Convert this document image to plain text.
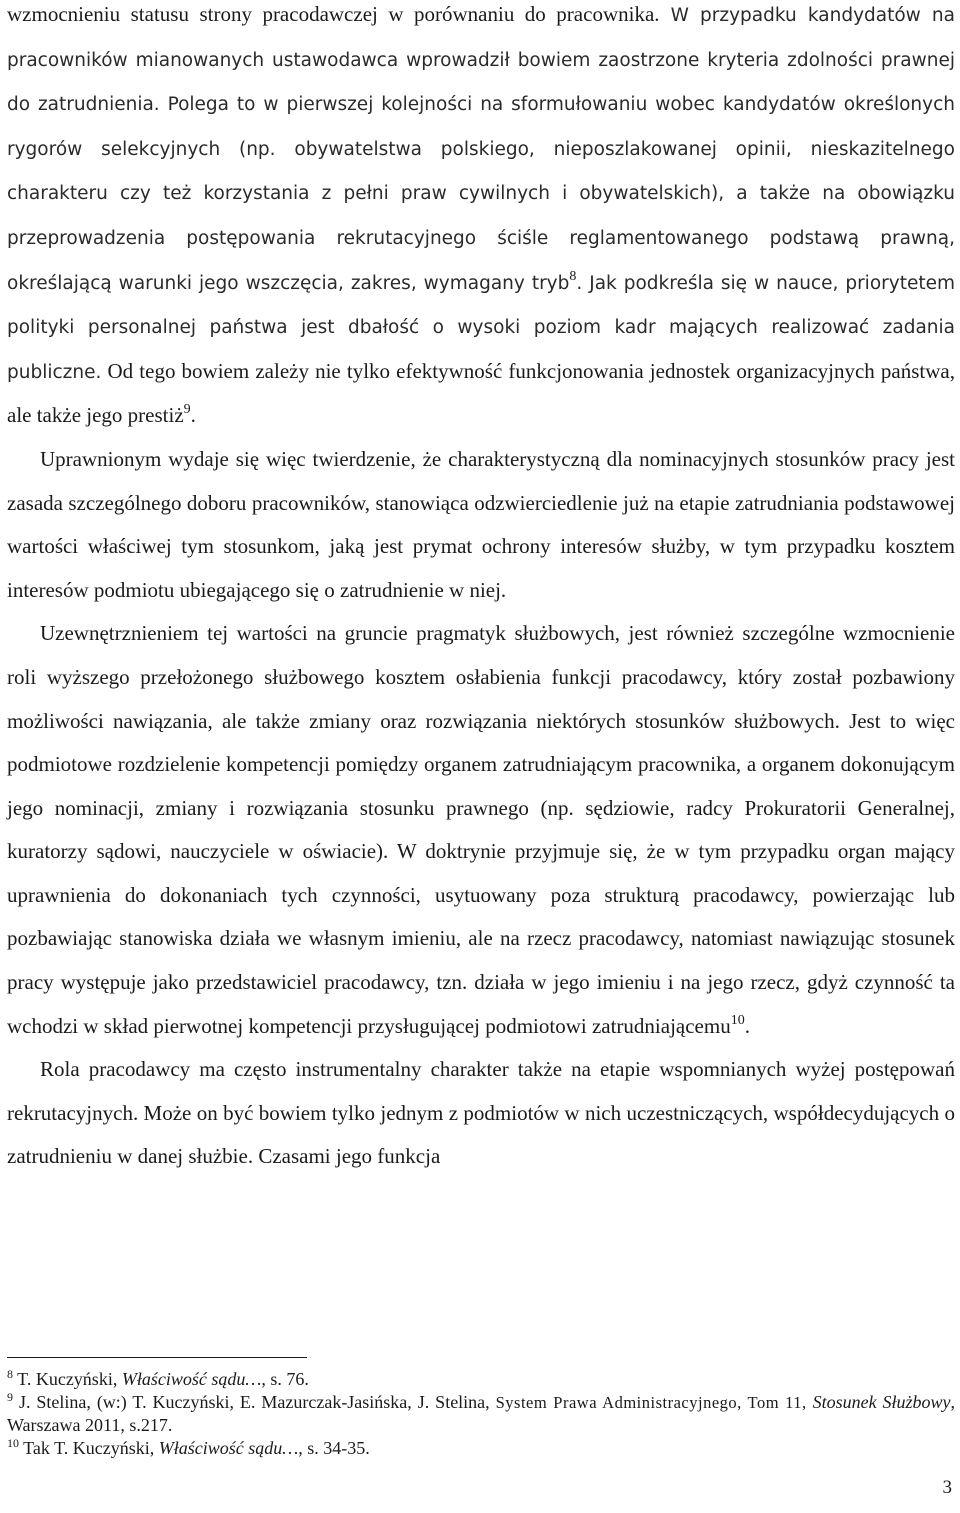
wzmocnieniu statusu strony pracodawczej w porównaniu do pracownika. W przypadku kandydatów na pracowników mianowanych ustawodawca wprowadził bowiem zaostrzone kryteria zdolności prawnej do zatrudnienia. Polega to w pierwszej kolejności na sformułowaniu wobec kandydatów określonych rygorów selekcyjnych (np. obywatelstwa polskiego, nieposzlakowanej opinii, nieskazitelnego charakteru czy też korzystania z pełni praw cywilnych i obywatelskich), a także na obowiązku przeprowadzenia postępowania rekrutacyjnego ściśle reglamentowanego podstawą prawną, określającą warunki jego wszczęcia, zakres, wymagany tryb$^8$. Jak podkreśla się w nauce, priorytetem polityki personalnej państwa jest dbałość o wysoki poziom kadr mających realizować zadania publiczne. Od tego bowiem zależy nie tylko efektywność funkcjonowania jednostek organizacyjnych państwa, ale także jego prestiż$^9$.

Uprawnionym wydaje się więc twierdzenie, że charakterystyczną dla nominacyjnych stosunków pracy jest zasada szczególnego doboru pracowników, stanowiąca odzwierciedlenie już na etapie zatrudniania podstawowej wartości właściwej tym stosunkom, jaką jest prymat ochrony interesów służby, w tym przypadku kosztem interesów podmiotu ubiegającego się o zatrudnienie w niej.

Uzewnętrznieniem tej wartości na gruncie pragmatyk służbowych, jest również szczególne wzmocnienie roli wyższego przełożonego służbowego kosztem osłabienia funkcji pracodawcy, który został pozbawiony możliwości nawiązania, ale także zmiany oraz rozwiązania niektórych stosunków służbowych. Jest to więc podmiotowe rozdzielenie kompetencji pomiędzy organem zatrudniającym pracownika, a organem dokonującym jego nominacji, zmiany i rozwiązania stosunku prawnego (np. sędziowie, radcy Prokuratorii Generalnej, kuratorzy sądowi, nauczyciele w oświacie). W doktrynie przyjmuje się, że w tym przypadku organ mający uprawnienia do dokonaniach tych czynności, usytuowany poza strukturą pracodawcy, powierzając lub pozbawiając stanowiska działa we własnym imieniu, ale na rzecz pracodawcy, natomiast nawiązując stosunek pracy występuje jako przedstawiciel pracodawcy, tzn. działa w jego imieniu i na jego rzecz, gdyż czynność ta wchodzi w skład pierwotnej kompetencji przysługującej podmiotowi zatrudniającemu$^{10}$.

Rola pracodawcy ma często instrumentalny charakter także na etapie wspomnianych wyżej postępowań rekrutacyjnych. Może on być bowiem tylko jednym z podmiotów w nich uczestniczących, współdecydujących o zatrudnieniu w danej służbie. Czasami jego funkcja

$^8$ T. Kuczyński, Właściwość sądu…, s. 76.

$^9$ J. Stelina, (w:) T. Kuczyński, E. Mazurczak-Jasińska, J. Stelina, System Prawa Administracyjnego, Tom 11, Stosunek Służbowy, Warszawa 2011, s.217.

$^{10}$ Tak T. Kuczyński, Właściwość sądu…, s. 34-35.

3
